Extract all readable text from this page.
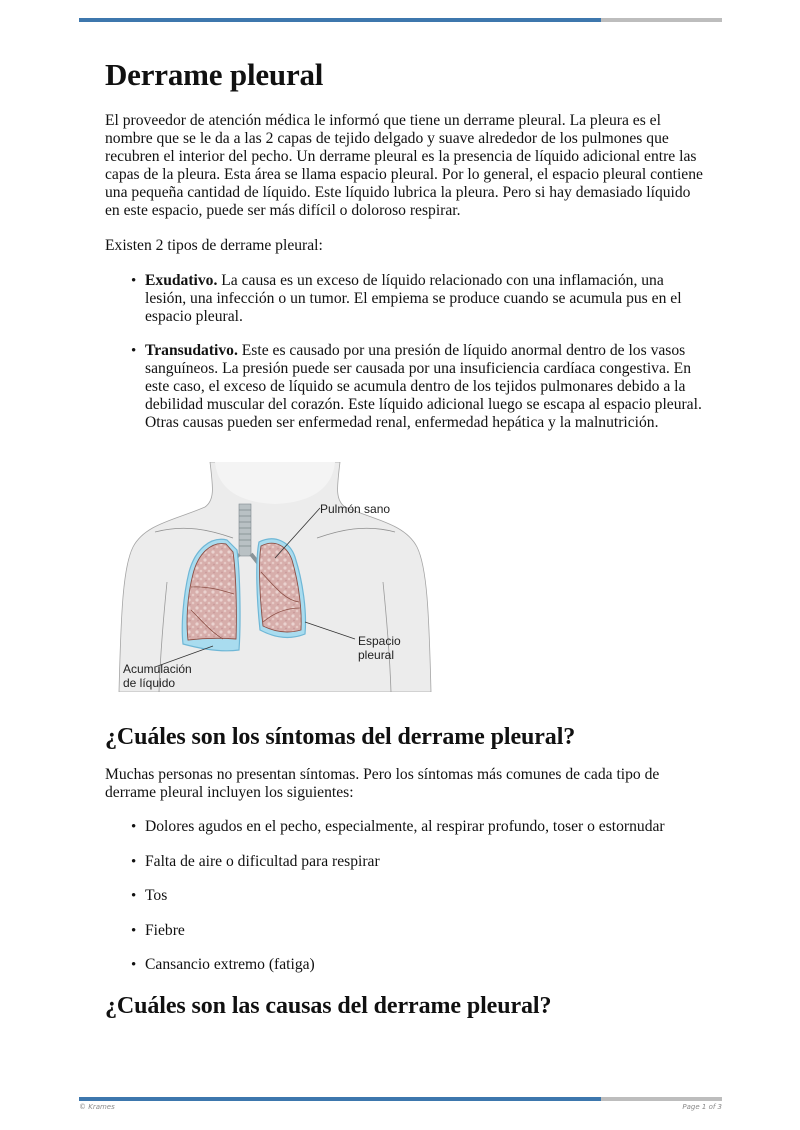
Derrame pleural

El proveedor de atención médica le informó que tiene un derrame pleural. La pleura es el nombre que se le da a las 2 capas de tejido delgado y suave alrededor de los pulmones que recubren el interior del pecho. Un derrame pleural es la presencia de líquido adicional entre las capas de la pleura. Esta área se llama espacio pleural. Por lo general, el espacio pleural contiene una pequeña cantidad de líquido. Este líquido lubrica la pleura. Pero si hay demasiado líquido en este espacio, puede ser más difícil o doloroso respirar.

Existen 2 tipos de derrame pleural:

• Exudativo. La causa es un exceso de líquido relacionado con una inflamación, una lesión, una infección o un tumor. El empiema se produce cuando se acumula pus en el espacio pleural.
• Transudativo. Este es causado por una presión de líquido anormal dentro de los vasos sanguíneos. La presión puede ser causada por una insuficiencia cardíaca congestiva. En este caso, el exceso de líquido se acumula dentro de los tejidos pulmonares debido a la debilidad muscular del corazón. Este líquido adicional luego se escapa al espacio pleural. Otras causas pueden ser enfermedad renal, enfermedad hepática y la malnutrición.
Pulmón sano
Espacio
pleural
Acumulación
de líquido
¿Cuáles son los síntomas del derrame pleural?

Muchas personas no presentan síntomas. Pero los síntomas más comunes de cada tipo de derrame pleural incluyen los siguientes:

• Dolores agudos en el pecho, especialmente, al respirar profundo, toser o estornudar
• Falta de aire o dificultad para respirar
• Tos
• Fiebre
• Cansancio extremo (fatiga)
¿Cuáles son las causas del derrame pleural?
© Krames	Page 1 of 3
